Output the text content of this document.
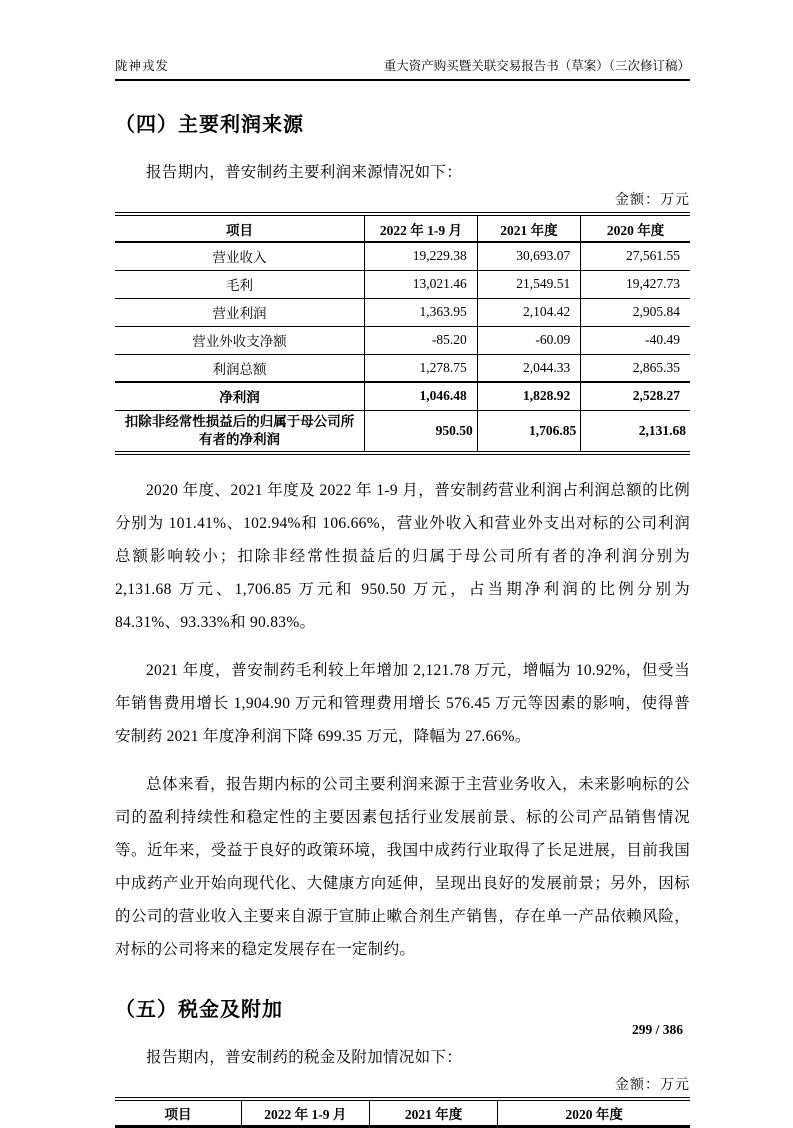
陇神戎发	重大资产购买暨关联交易报告书（草案）（三次修订稿）
（四）主要利润来源
报告期内，普安制药主要利润来源情况如下：
金额：万元
项目	2022 年 1-9 月	2021 年度	2020 年度
营业收入	19,229.38	30,693.07	27,561.55
毛利	13,021.46	21,549.51	19,427.73
营业利润	1,363.95	2,104.42	2,905.84
营业外收支净额	-85.20	-60.09	-40.49
利润总额	1,278.75	2,044.33	2,865.35
净利润	1,046.48	1,828.92	2,528.27
扣除非经常性损益后的归属于母公司所有者的净利润	950.50	1,706.85	2,131.68
2020 年度、2021 年度及 2022 年 1-9 月，普安制药营业利润占利润总额的比例分别为 101.41%、102.94%和 106.66%，营业外收入和营业外支出对标的公司利润总额影响较小；扣除非经常性损益后的归属于母公司所有者的净利润分别为 2,131.68 万元、1,706.85 万元和 950.50 万元，占当期净利润的比例分别为 84.31%、93.33%和 90.83%。
2021 年度，普安制药毛利较上年增加 2,121.78 万元，增幅为 10.92%，但受当年销售费用增长 1,904.90 万元和管理费用增长 576.45 万元等因素的影响，使得普安制药 2021 年度净利润下降 699.35 万元，降幅为 27.66%。
总体来看，报告期内标的公司主要利润来源于主营业务收入，未来影响标的公司的盈利持续性和稳定性的主要因素包括行业发展前景、标的公司产品销售情况等。近年来，受益于良好的政策环境，我国中成药行业取得了长足进展，目前我国中成药产业开始向现代化、大健康方向延伸，呈现出良好的发展前景；另外，因标的公司的营业收入主要来自源于宣肺止嗽合剂生产销售，存在单一产品依赖风险，对标的公司将来的稳定发展存在一定制约。
（五）税金及附加
报告期内，普安制药的税金及附加情况如下：
金额：万元
项目	2022 年 1-9 月	2021 年度	2020 年度
299 / 386
